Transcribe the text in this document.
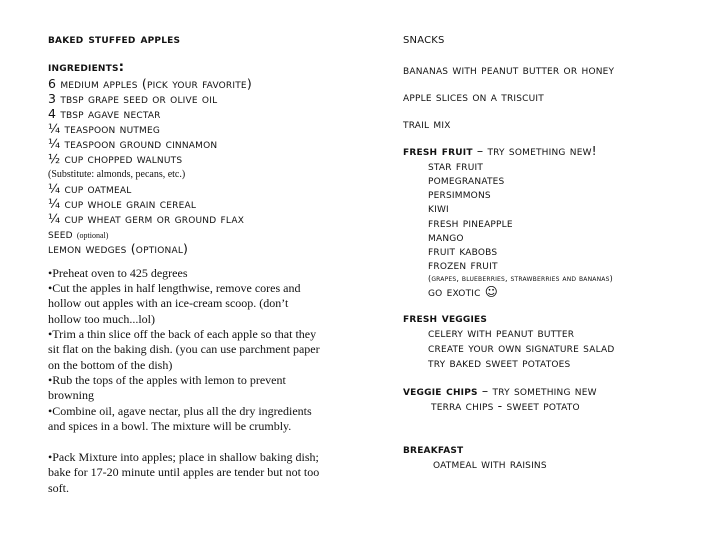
baked stuffed apples
ingredients:
6 medium apples (pick your favorite)
3 tbsp grape seed or olive oil
4 tbsp agave nectar
¼ teaspoon nutmeg
¼ teaspoon ground cinnamon
½ cup chopped walnuts
(Substitute: almonds, pecans, etc.)
¼ cup oatmeal
¼ cup whole grain cereal
¼ cup wheat germ or ground flax
seed (optional)
lemon wedges (optional)
•Preheat oven to 425 degrees
•Cut the apples in half lengthwise, remove cores and hollow out apples with an ice-cream scoop. (don’t hollow too much...lol)
•Trim a thin slice off the back of each apple so that they sit flat on the baking dish. (you can use parchment paper on the bottom of the dish)
•Rub the tops of the apples with lemon to prevent browning
•Combine oil, agave nectar, plus all the dry ingredients and spices in a bowl. The mixture will be crumbly.
•Pack Mixture into apples; place in shallow baking dish; bake for 17-20 minute until apples are tender but not too soft.
snacks
bananas with peanut butter or honey
apple slices on a triscuit
trail mix
fresh fruit – try something new!
star fruit
pomegranates
persimmons
kiwi
fresh pineapple
mango
fruit kabobs
frozen fruit
(grapes, blueberries, strawberries and bananas)
go exotic ☺
fresh veggies
celery with peanut butter
create your own signature salad
try baked sweet potatoes
veggie chips – try something new
terra chips - sweet potato
breakfast
oatmeal with raisins
